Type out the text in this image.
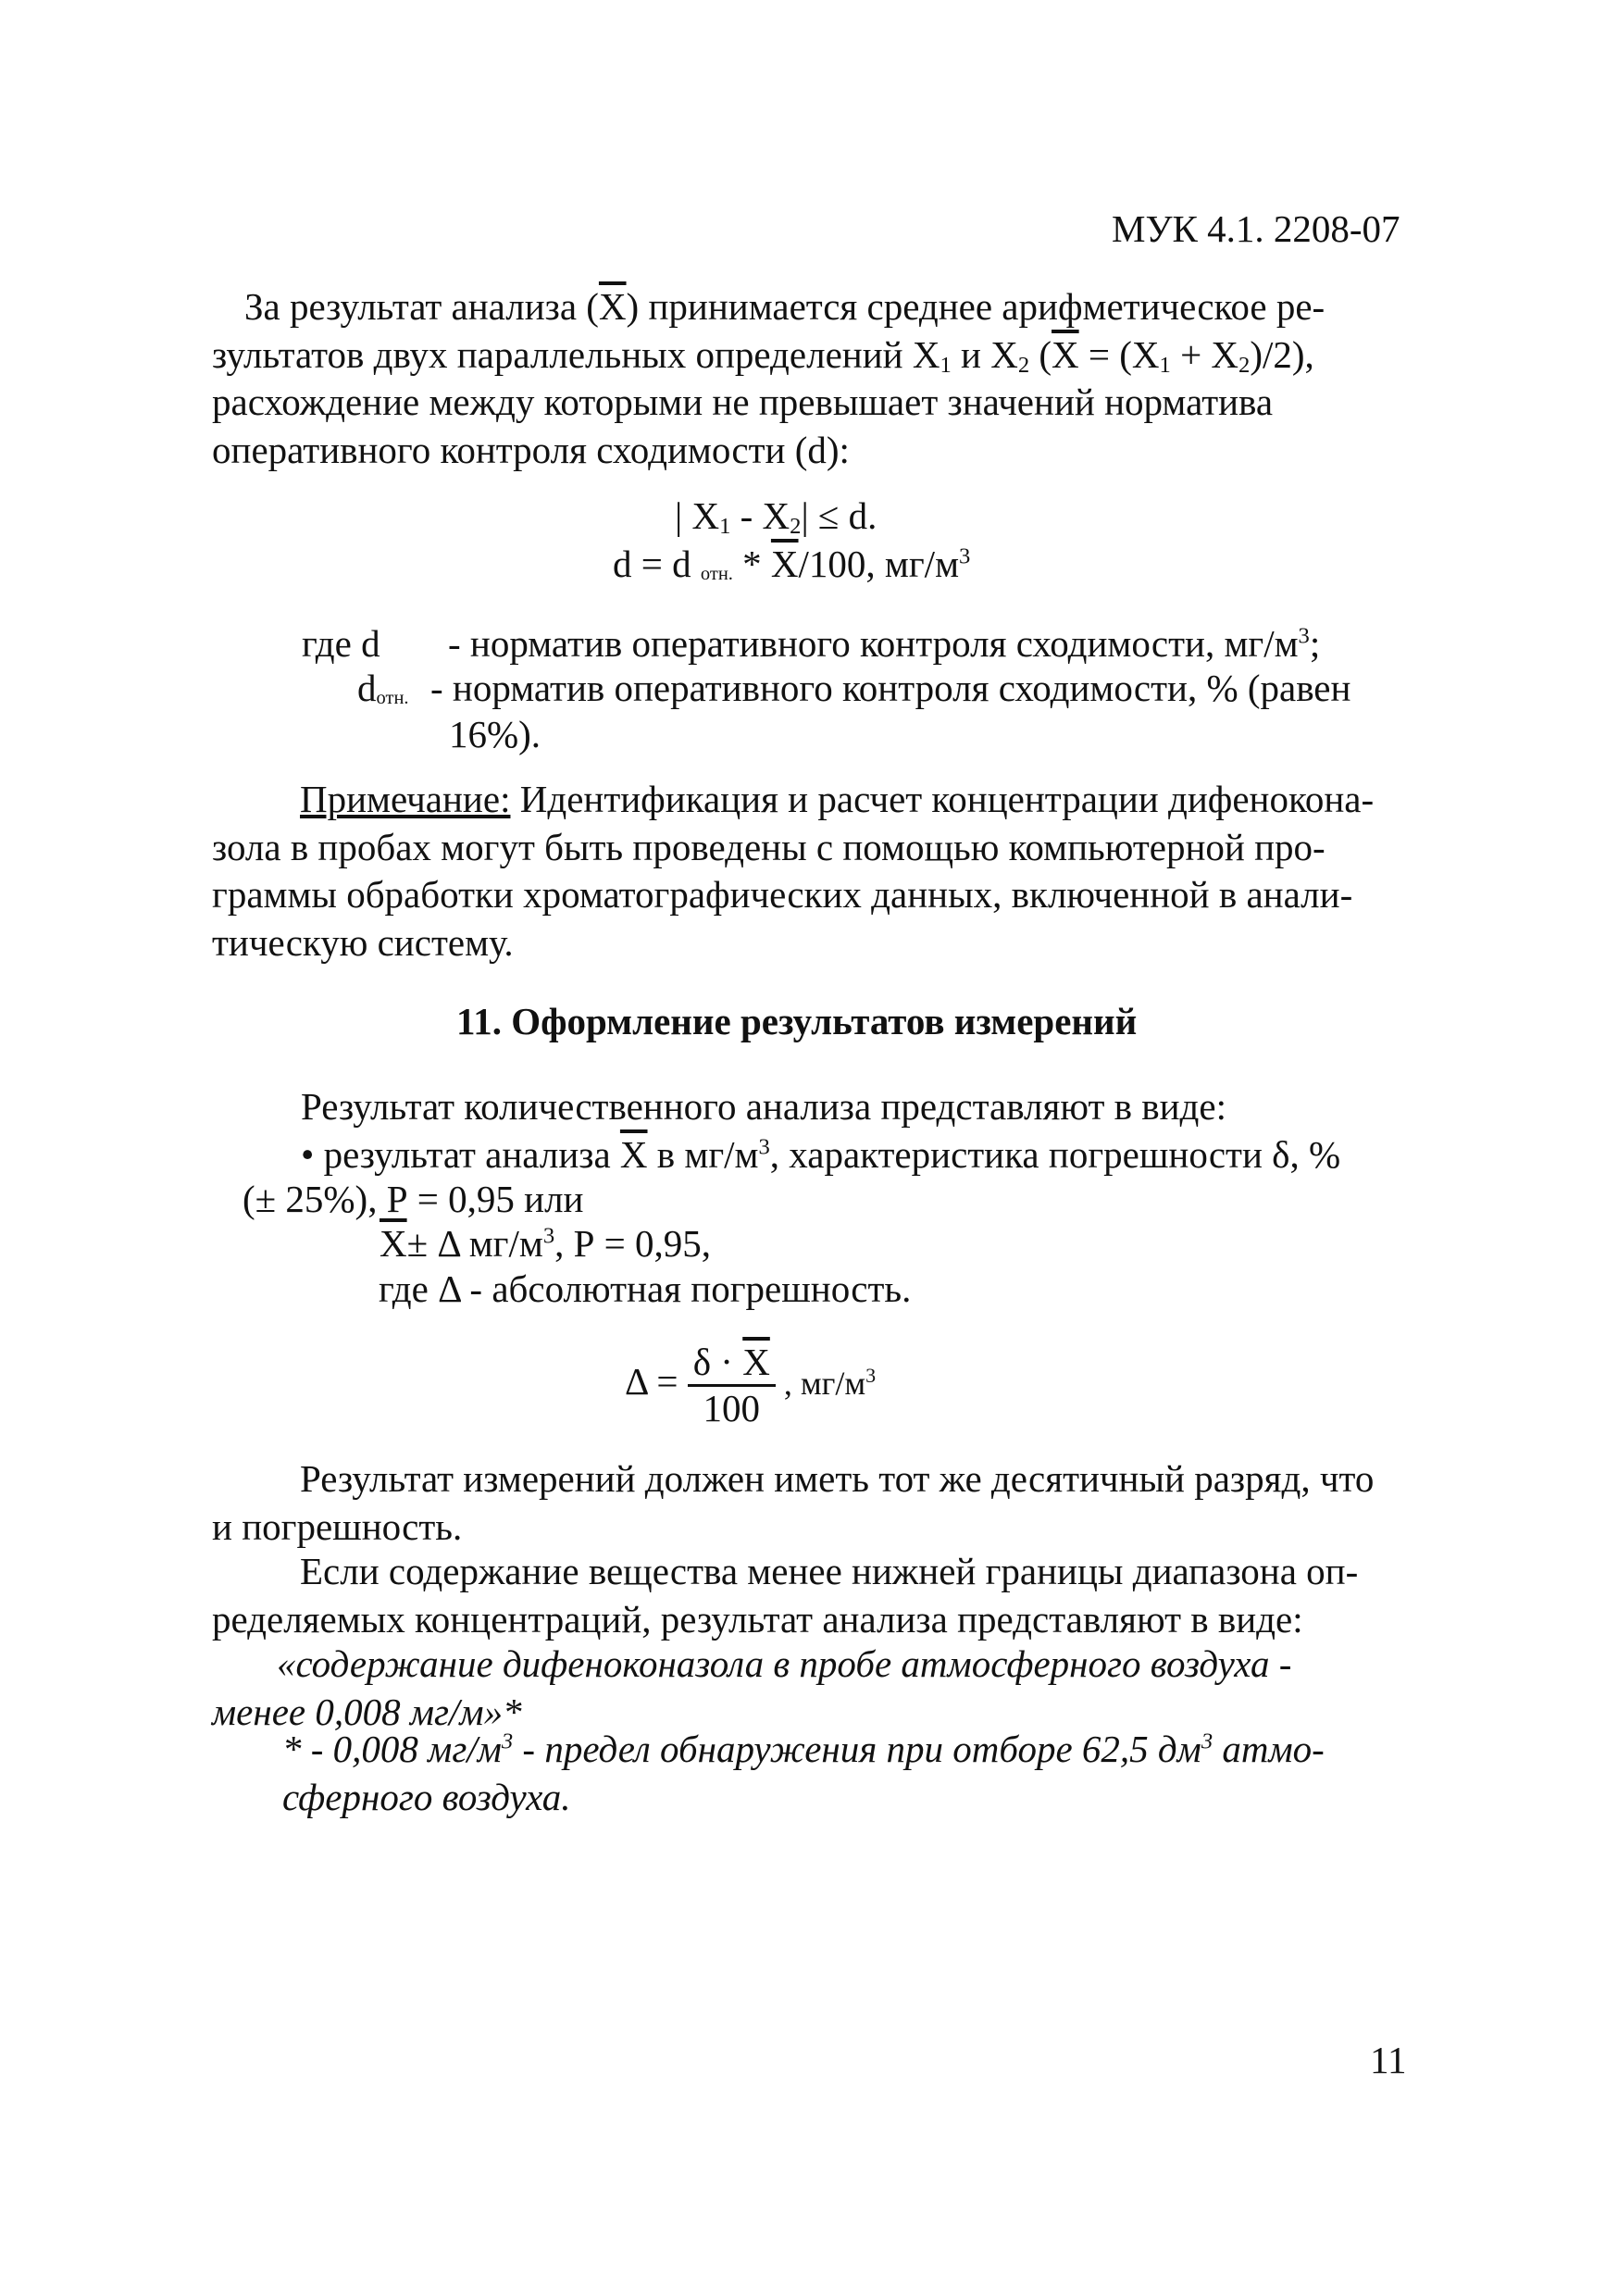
МУК 4.1. 2208-07
За результат анализа $(\overline{X})$ принимается среднее арифметическое ре-
зультатов двух параллельных определений $X_1$ и $X_2$ $(\overline{X} = (X_1 + X_2)/2)$,
расхождение между которыми не превышает значений норматива
оперативного контроля сходимости (d):
| $X_1 - X_2| \le d$.
d = d отн. * $\overline{X}/100$, $мг/м^3$
где d - норматив оперативного контроля сходимости, $мг/м^3$;
dотн. - норматив оперативного контроля сходимости, % (равен
16%).
Примечание: Идентификация и расчет концентрации дифенокона-
зола в пробах могут быть проведены с помощью компьютерной про-
граммы обработки хроматографических данных, включенной в анали-
тическую систему.
11. Оформление результатов измерений
Результат количественного анализа представляют в виде:
• результат анализа $\overline{X}$ в $мг/м^3$, характеристика погрешности δ, %
(± 25%), Р = 0,95 или
$\overline{X}\pm \Delta$ $мг/м^3$, Р = 0,95,
где Δ - абсолютная погрешность.
$\Delta = \frac{\delta \cdot \overline{X}}{100}$ , $мг/м^3$
Результат измерений должен иметь тот же десятичный разряд, что
и погрешность.
Если содержание вещества менее нижней границы диапазона оп-
ределяемых концентраций, результат анализа представляют в виде:
«содержание дифеноконазола в пробе атмосферного воздуха -
менее 0,008 мг/м»*
* - 0,008 $мг/м^3$ - предел обнаружения при отборе 62,5 $дм^3$ атмо-
сферного воздуха.
11
